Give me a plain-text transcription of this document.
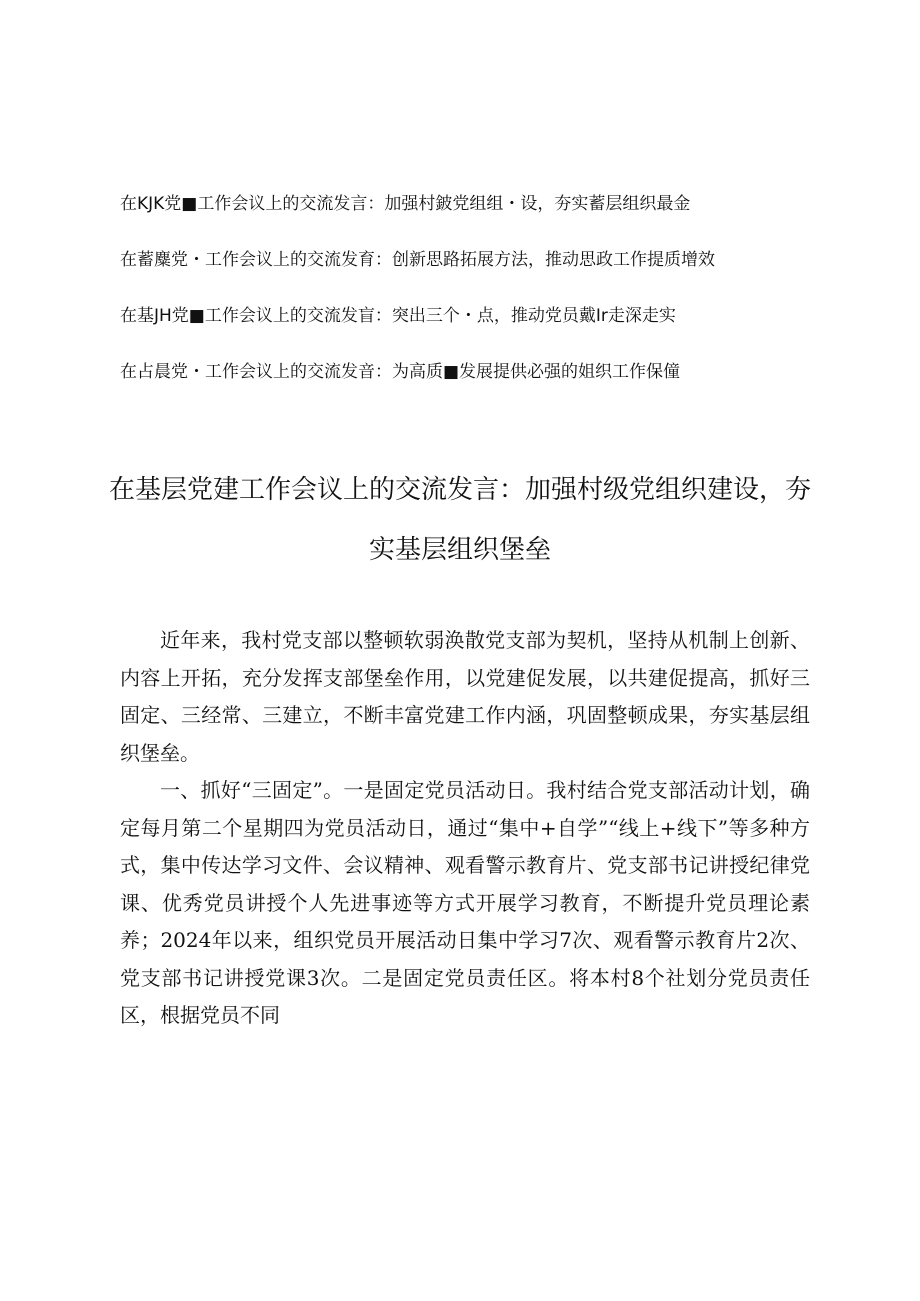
在KJK党■工作会议上的交流发言：加强村鈹党组组・设，夯实蓄层组织最金
在蓄麋党・工作会议上的交流发育：创新思路拓展方法，推动思政工作提质增效
在基JH党■工作会议上的交流发盲：突出三个・点，推动党员戴Ir走深走实
在占晨党・工作会议上的交流发音：为高质■发展提供必强的姐织工作保僮
在基层党建工作会议上的交流发言：加强村级党组织建设，夯实基层组织堡垒

近年来，我村党支部以整顿软弱涣散党支部为契机，坚持从机制上创新、内容上开拓，充分发挥支部堡垒作用，以党建促发展，以共建促提高，抓好三固定、三经常、三建立，不断丰富党建工作内涵，巩固整顿成果，夯实基层组织堡垒。

一、抓好“三固定”。一是固定党员活动日。我村结合党支部活动计划，确定每月第二个星期四为党员活动日，通过“集中+自学”“线上+线下”等多种方式，集中传达学习文件、会议精神、观看警示教育片、党支部书记讲授纪律党课、优秀党员讲授个人先进事迹等方式开展学习教育，不断提升党员理论素养；2024年以来，组织党员开展活动日集中学习7次、观看警示教育片2次、党支部书记讲授党课3次。二是固定党员责任区。将本村8个社划分党员责任区，根据党员不同
